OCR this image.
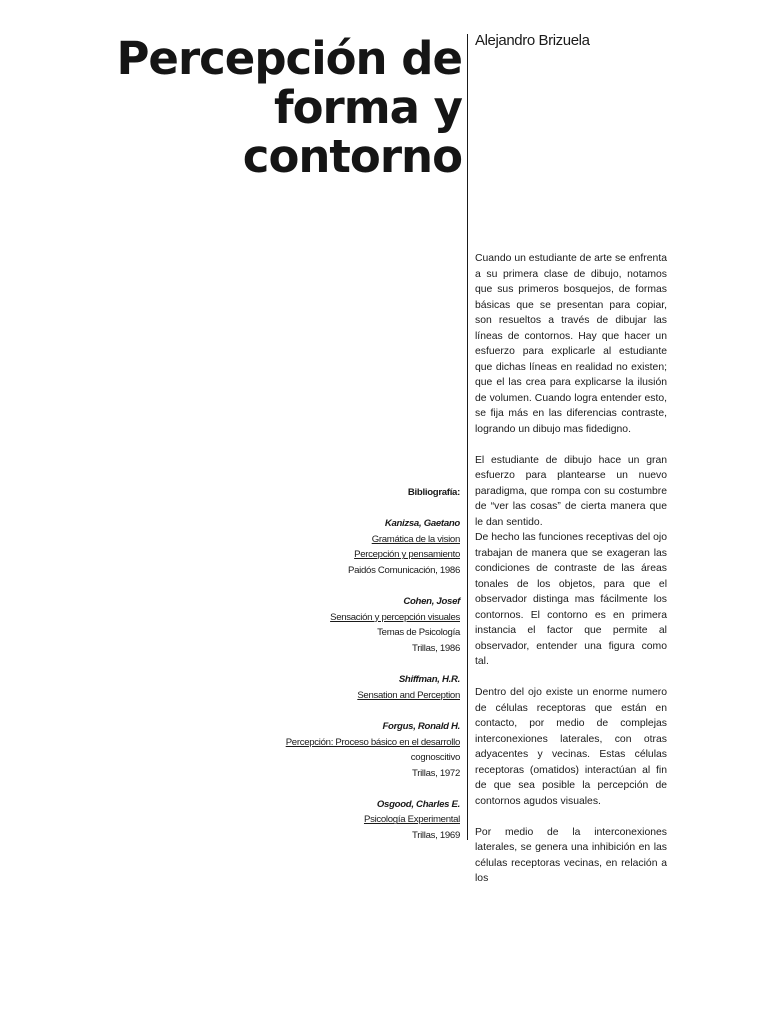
Percepción de
forma y
contorno
Alejandro Brizuela

Cuando un estudiante de arte se enfrenta a su primera clase de dibujo, notamos que sus primeros bosquejos, de formas básicas que se presentan para copiar, son resueltos a través de dibujar las líneas de contornos. Hay que hacer un esfuerzo para explicarle al estudiante que dichas líneas en realidad no existen; que el las crea para explicarse la ilusión de volumen. Cuando logra entender esto, se fija más en las diferencias contraste, logrando un dibujo mas fidedigno.

El estudiante de dibujo hace un gran esfuerzo para plantearse un nuevo paradigma, que rompa con su costumbre de “ver las cosas” de cierta manera que le dan sentido.

De hecho las funciones receptivas del ojo trabajan de manera que se exageran las condiciones de contraste de las áreas tonales de los objetos, para que el observador distinga mas fácilmente los contornos. El contorno es en primera instancia el factor que permite al observador, entender una figura como tal.

Dentro del ojo existe un enorme numero de células receptoras que están en contacto, por medio de complejas interconexiones laterales, con otras adyacentes y vecinas. Estas células receptoras (omatidos) interactúan al fin de que sea posible la percepción de contornos agudos visuales.

Por medio de la interconexiones laterales, se genera una inhibición en las células receptoras vecinas, en relación a los

Bibliografía:
Kanizsa, Gaetano
Gramática de la vision
Percepción y pensamiento
Paidós Comunicación, 1986
Cohen, Josef
Sensación y percepción visuales
Temas de Psicología
Trillas, 1986
Shiffman, H.R.
Sensation and Perception
Forgus, Ronald H.
Percepción: Proceso básico en el desarrollo
cognoscitivo
Trillas, 1972
Osgood, Charles E.
Psicología Experimental
Trillas, 1969
